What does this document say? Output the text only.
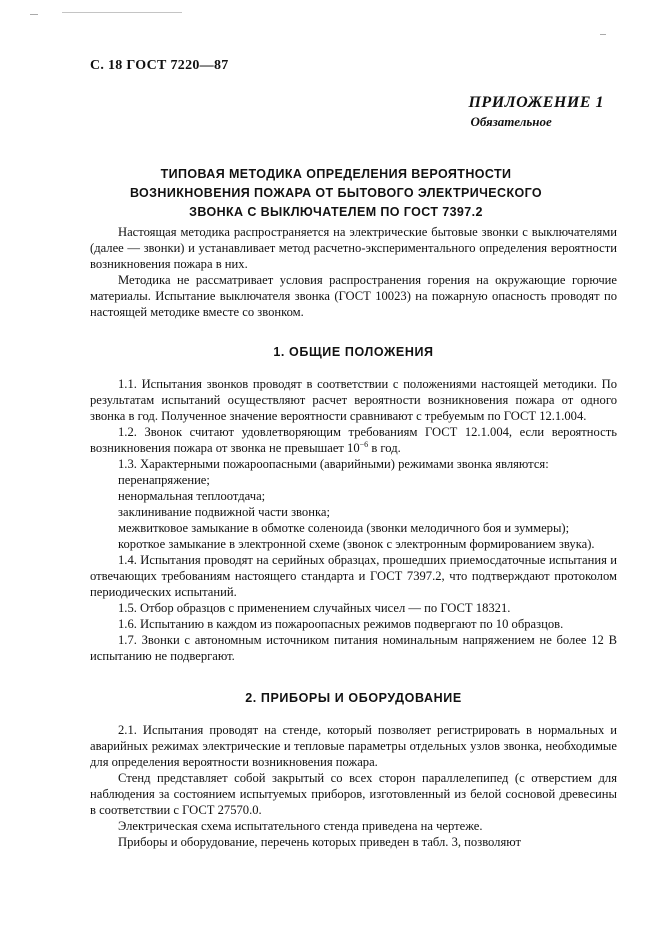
С. 18 ГОСТ 7220—87
ПРИЛОЖЕНИЕ 1
Обязательное
ТИПОВАЯ МЕТОДИКА ОПРЕДЕЛЕНИЯ ВЕРОЯТНОСТИ
ВОЗНИКНОВЕНИЯ ПОЖАРА ОТ БЫТОВОГО ЭЛЕКТРИЧЕСКОГО
ЗВОНКА С ВЫКЛЮЧАТЕЛЕМ ПО ГОСТ 7397.2

Настоящая методика распространяется на электрические бытовые звонки с выключателями (далее — звонки) и устанавливает метод расчетно-экспериментального определения вероятности возникновения пожара в них.

Методика не рассматривает условия распространения горения на окружающие горючие материалы. Испытание выключателя звонка (ГОСТ 10023) на пожарную опасность проводят по настоящей методике вместе со звонком.

1. ОБЩИЕ ПОЛОЖЕНИЯ

1.1. Испытания звонков проводят в соответствии с положениями настоящей методики. По результатам испытаний осуществляют расчет вероятности возникновения пожара от одного звонка в год. Полученное значение вероятности сравнивают с требуемым по ГОСТ 12.1.004.

1.2. Звонок считают удовлетворяющим требованиям ГОСТ 12.1.004, если вероятность возникновения пожара от звонка не превышает $10^{-6}$ в год.

1.3. Характерными пожароопасными (аварийными) режимами звонка являются:

перенапряжение;

ненормальная теплоотдача;

заклинивание подвижной части звонка;

межвитковое замыкание в обмотке соленоида (звонки мелодичного боя и зуммеры);

короткое замыкание в электронной схеме (звонок с электронным формированием звука).

1.4. Испытания проводят на серийных образцах, прошедших приемосдаточные испытания и отвечающих требованиям настоящего стандарта и ГОСТ 7397.2, что подтверждают протоколом периодических испытаний.

1.5. Отбор образцов с применением случайных чисел — по ГОСТ 18321.

1.6. Испытанию в каждом из пожароопасных режимов подвергают по 10 образцов.

1.7. Звонки с автономным источником питания номинальным напряжением не более 12 В испытанию не подвергают.

2. ПРИБОРЫ И ОБОРУДОВАНИЕ

2.1. Испытания проводят на стенде, который позволяет регистрировать в нормальных и аварийных режимах электрические и тепловые параметры отдельных узлов звонка, необходимые для определения вероятности возникновения пожара.

Стенд представляет собой закрытый со всех сторон параллелепипед (с отверстием для наблюдения за состоянием испытуемых приборов, изготовленный из белой сосновой древесины в соответствии с ГОСТ 27570.0.

Электрическая схема испытательного стенда приведена на чертеже.

Приборы и оборудование, перечень которых приведен в табл. 3, позволяют
